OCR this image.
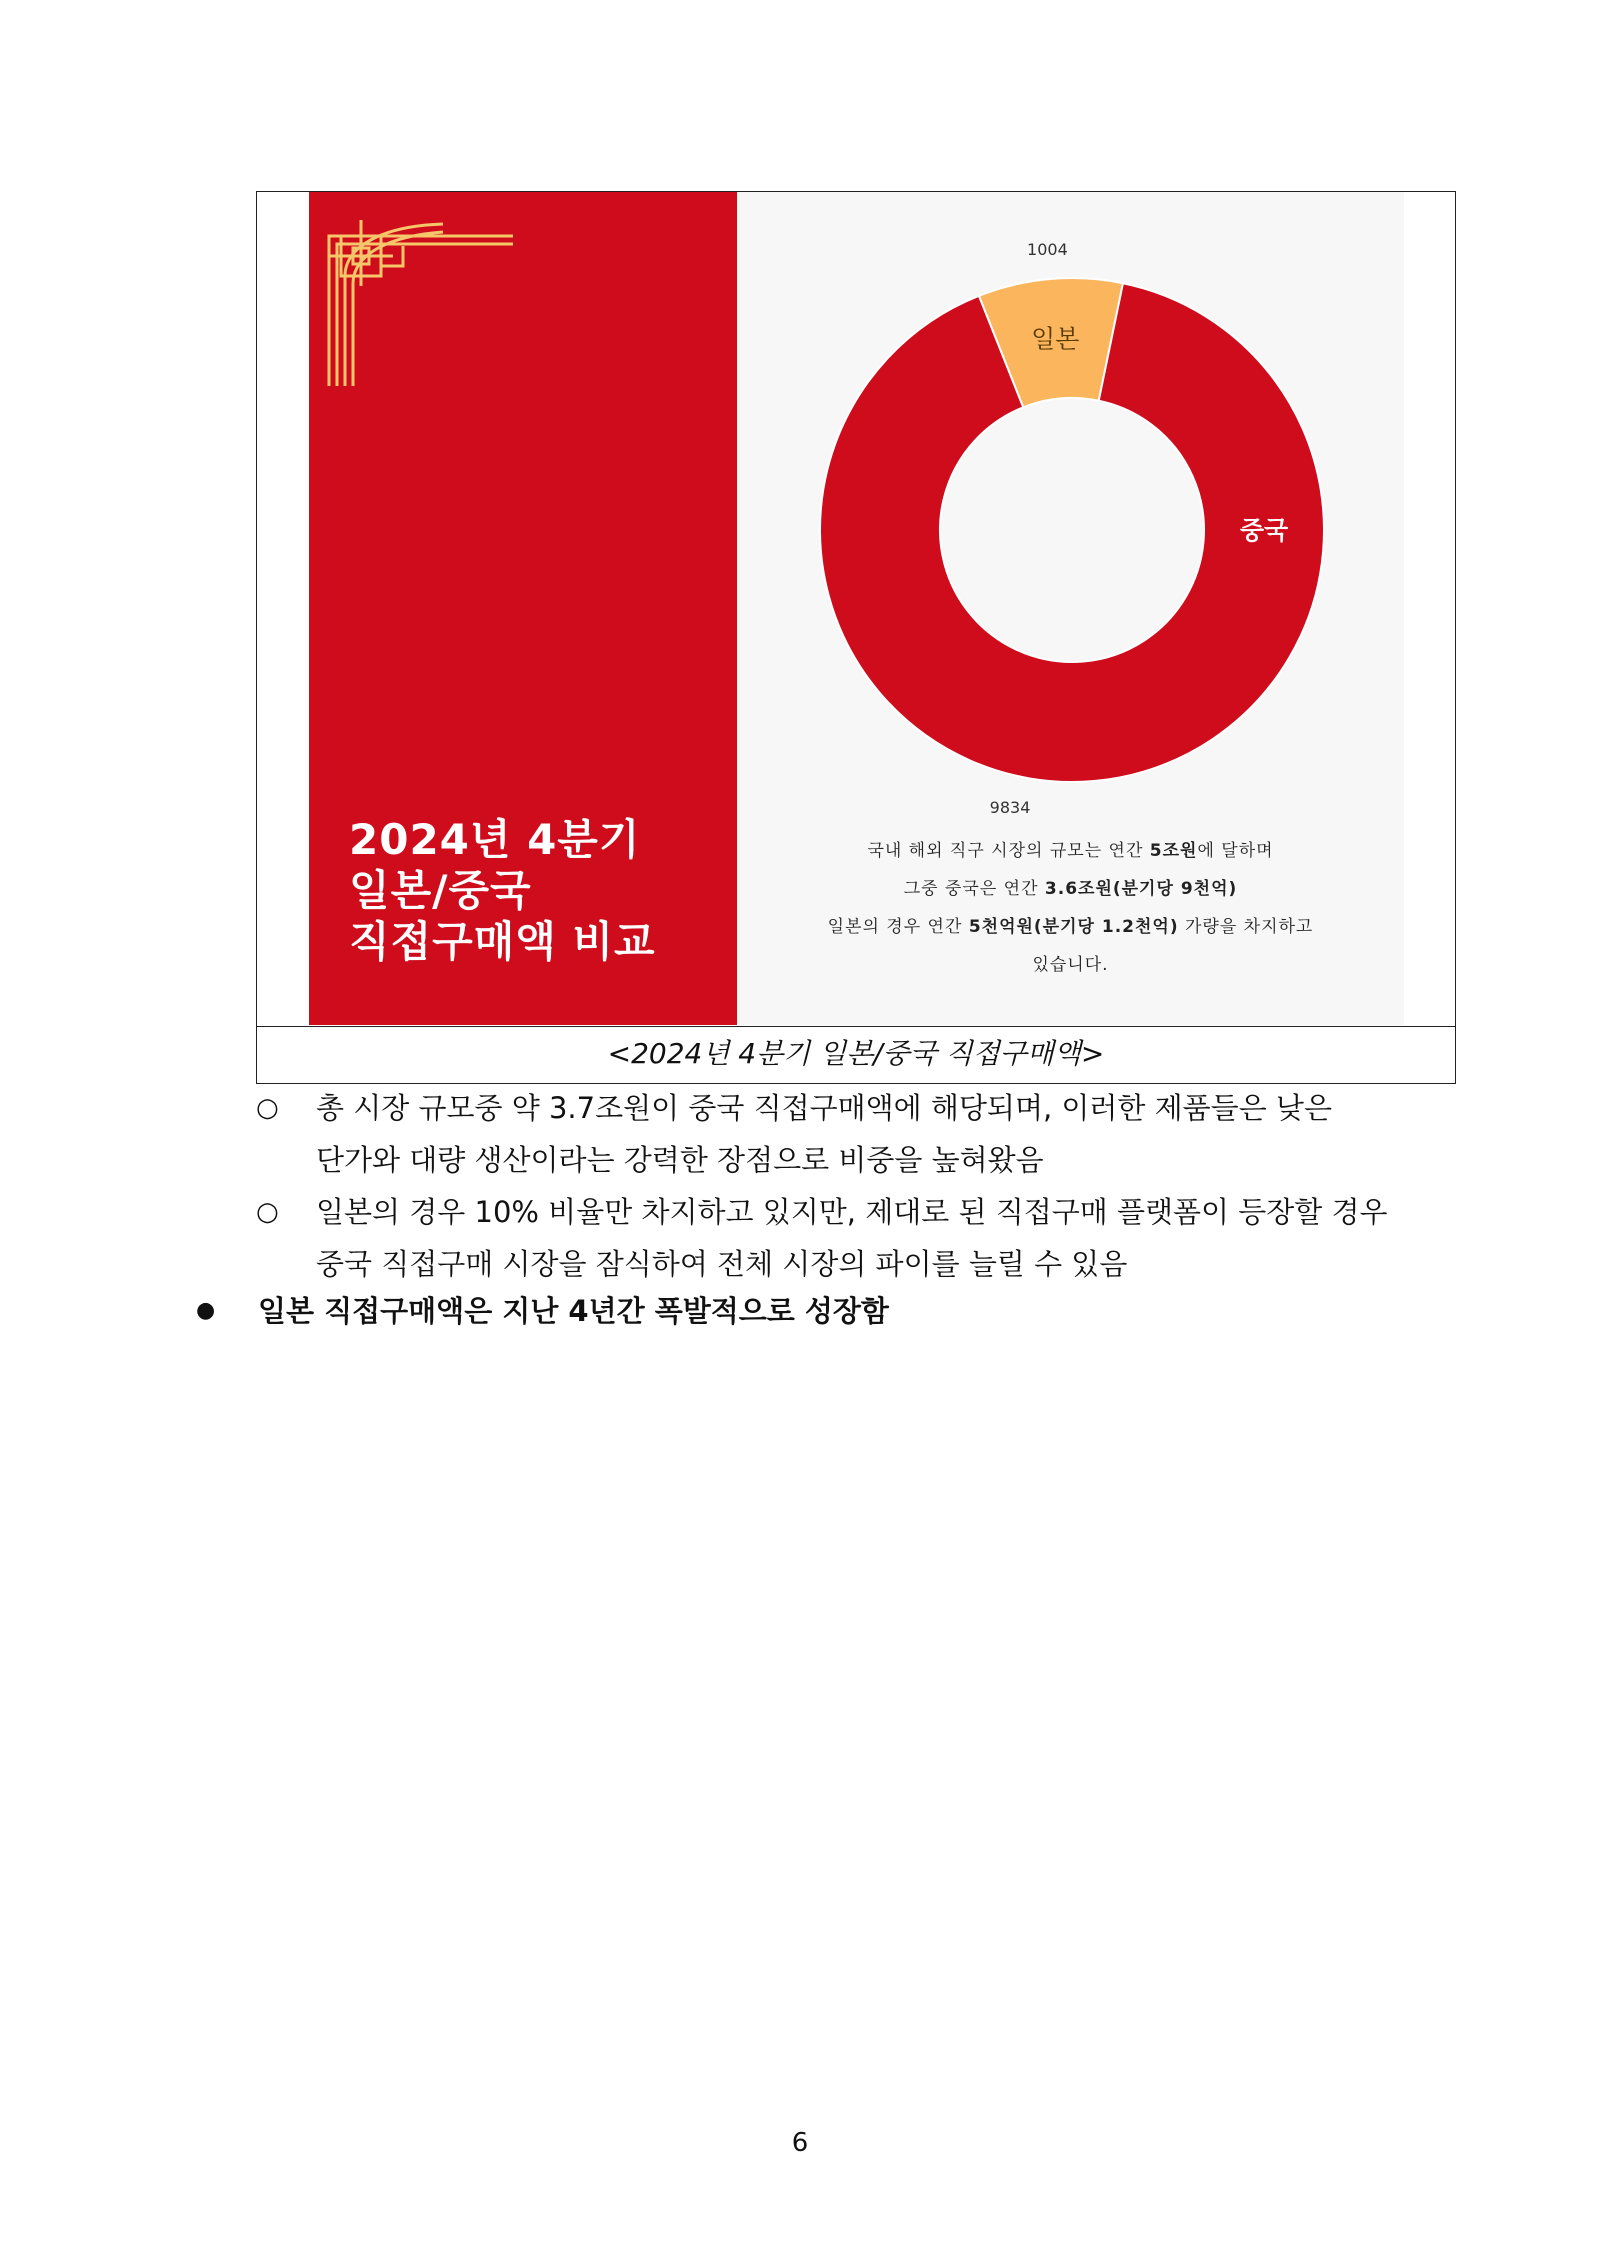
2024년 4분기
일본/중국
직접구매액 비교
일본
중국
1004
9834
국내 해외 직구 시장의 규모는 연간 5조원에 달하며
그중 중국은 연간 3.6조원(분기당 9천억)
일본의 경우 연간 5천억원(분기당 1.2천억) 가량을 차지하고
있습니다.
<2024년 4분기 일본/중국 직접구매액>
○ 총 시장 규모중 약 3.7조원이 중국 직접구매액에 해당되며, 이러한 제품들은 낮은
단가와 대량 생산이라는 강력한 장점으로 비중을 높혀왔음
○ 일본의 경우 10% 비율만 차지하고 있지만, 제대로 된 직접구매 플랫폼이 등장할 경우
중국 직접구매 시장을 잠식하여 전체 시장의 파이를 늘릴 수 있음
● 일본 직접구매액은 지난 4년간 폭발적으로 성장함
6
